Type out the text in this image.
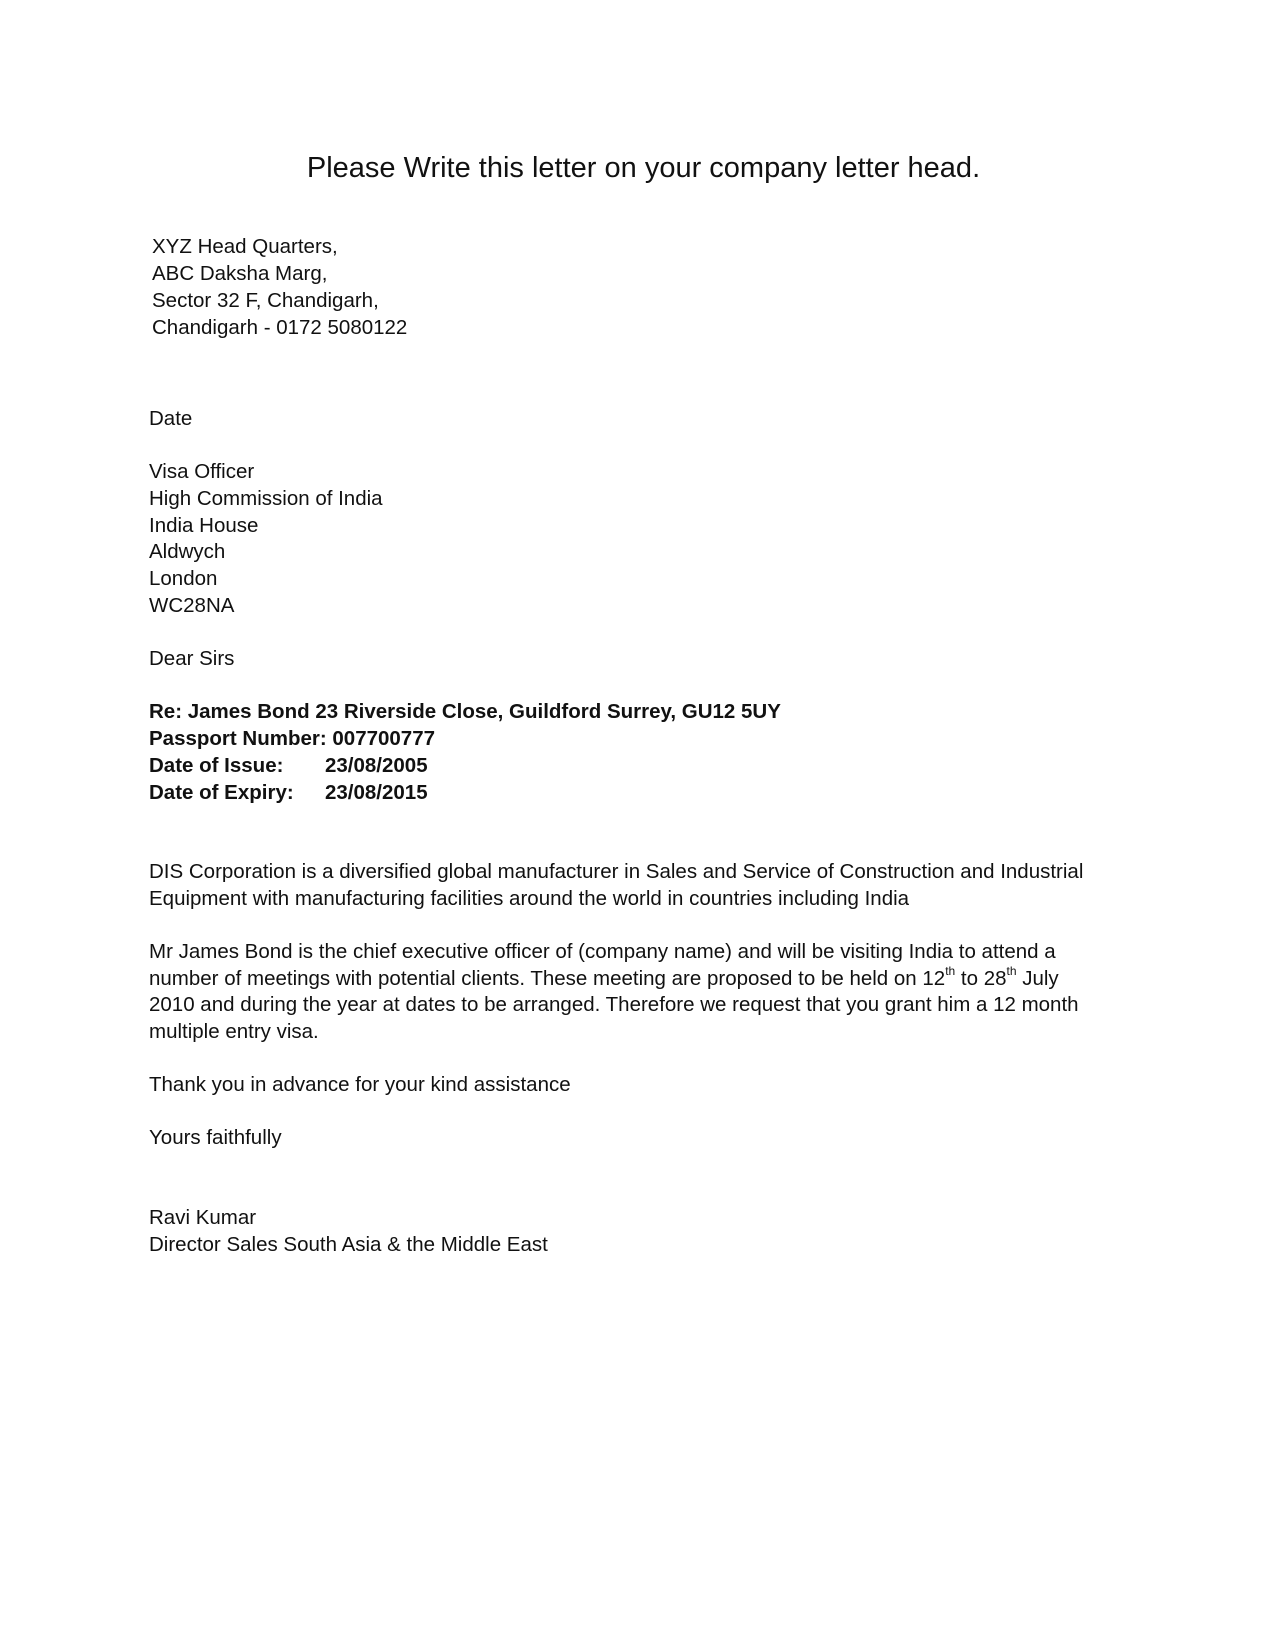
Please Write this letter on your company letter head.
XYZ Head Quarters,
ABC Daksha Marg,
Sector 32 F, Chandigarh,
Chandigarh - 0172 5080122
Date
Visa Officer
High Commission of India
India House
Aldwych
London
WC28NA
Dear Sirs
Re: James Bond 23 Riverside Close, Guildford Surrey, GU12 5UY
Passport Number: 007700777
Date of Issue: 23/08/2005
Date of Expiry: 23/08/2015
DIS Corporation is a diversified global manufacturer in Sales and Service of Construction and Industrial
Equipment with manufacturing facilities around the world in countries including India
Mr James Bond is the chief executive officer of (company name) and will be visiting India to attend a
number of meetings with potential clients. These meeting are proposed to be held on 12th to 28th July
2010 and during the year at dates to be arranged. Therefore we request that you grant him a 12 month
multiple entry visa.
Thank you in advance for your kind assistance
Yours faithfully
Ravi Kumar
Director Sales South Asia & the Middle East
